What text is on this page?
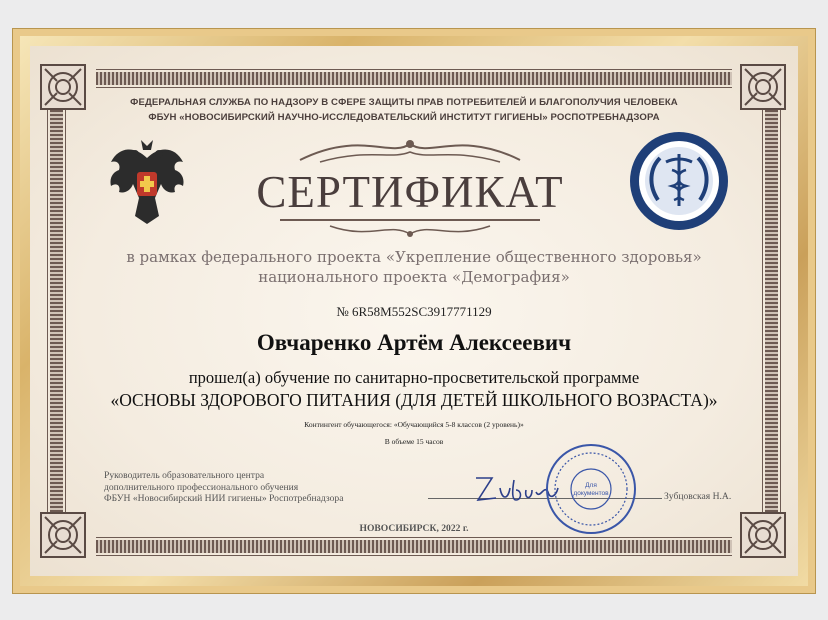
ФЕДЕРАЛЬНАЯ СЛУЖБА ПО НАДЗОРУ В СФЕРЕ ЗАЩИТЫ ПРАВ ПОТРЕБИТЕЛЕЙ И БЛАГОПОЛУЧИЯ ЧЕЛОВЕКА
ФБУН «НОВОСИБИРСКИЙ НАУЧНО-ИССЛЕДОВАТЕЛЬСКИЙ ИНСТИТУТ ГИГИЕНЫ» РОСПОТРЕБНАДЗОРА
СЕРТИФИКАТ
в рамках федерального проекта «Укрепление общественного здоровья»
национального проекта «Демография»
№ 6R58M552SC3917771129
Овчаренко Артём Алексеевич
прошел(а) обучение по санитарно-просветительской программе
«ОСНОВЫ ЗДОРОВОГО ПИТАНИЯ (ДЛЯ ДЕТЕЙ ШКОЛЬНОГО ВОЗРАСТА)»
Контингент обучающегося: «Обучающийся 5-8 классов (2 уровень)»
В объеме 15 часов
Руководитель образовательного центра
дополнительного профессионального обучения
ФБУН «Новосибирский НИИ гигиены» Роспотребнадзора
Для
документов	Зубцовская Н.А.
НОВОСИБИРСК, 2022 г.
